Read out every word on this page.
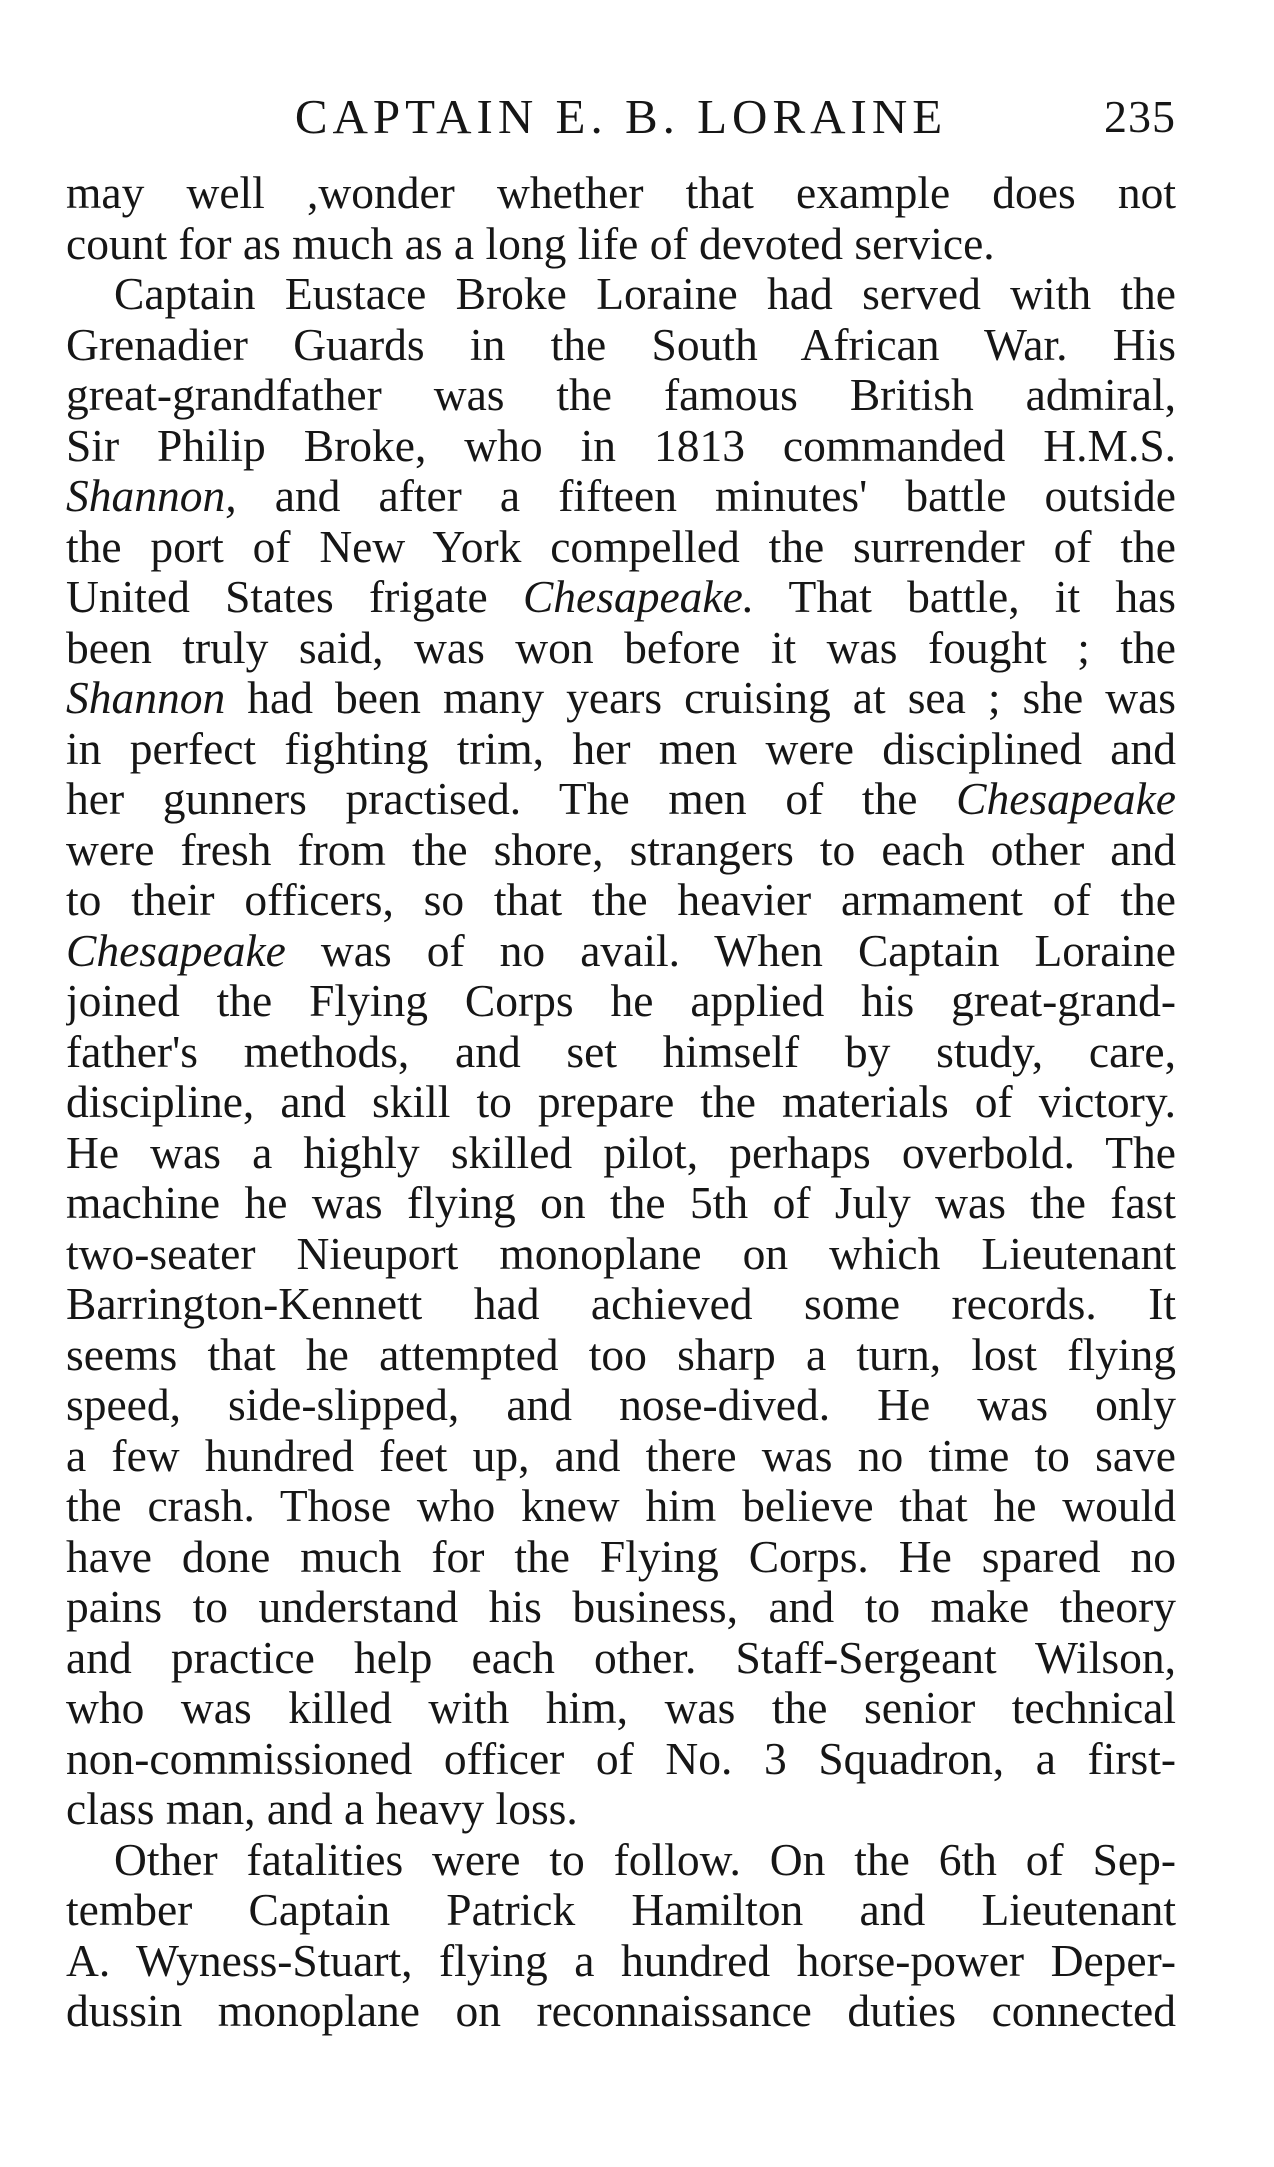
CAPTAIN E. B. LORAINE	235
may well ,wonder whether that example does not
count for as much as a long life of devoted service.
Captain Eustace Broke Loraine had served with the
Grenadier Guards in the South African War. His
great-grandfather was the famous British admiral,
Sir Philip Broke, who in 1813 commanded H.M.S.
Shannon, and after a fifteen minutes' battle outside
the port of New York compelled the surrender of the
United States frigate Chesapeake. That battle, it has
been truly said, was won before it was fought ; the
Shannon had been many years cruising at sea ; she was
in perfect fighting trim, her men were disciplined and
her gunners practised. The men of the Chesapeake
were fresh from the shore, strangers to each other and
to their officers, so that the heavier armament of the
Chesapeake was of no avail. When Captain Loraine
joined the Flying Corps he applied his great-grand-
father's methods, and set himself by study, care,
discipline, and skill to prepare the materials of victory.
He was a highly skilled pilot, perhaps overbold. The
machine he was flying on the 5th of July was the fast
two-seater Nieuport monoplane on which Lieutenant
Barrington-Kennett had achieved some records. It
seems that he attempted too sharp a turn, lost flying
speed, side-slipped, and nose-dived. He was only
a few hundred feet up, and there was no time to save
the crash. Those who knew him believe that he would
have done much for the Flying Corps. He spared no
pains to understand his business, and to make theory
and practice help each other. Staff-Sergeant Wilson,
who was killed with him, was the senior technical
non-commissioned officer of No. 3 Squadron, a first-
class man, and a heavy loss.
Other fatalities were to follow. On the 6th of Sep-
tember Captain Patrick Hamilton and Lieutenant
A. Wyness-Stuart, flying a hundred horse-power Deper-
dussin monoplane on reconnaissance duties connected
